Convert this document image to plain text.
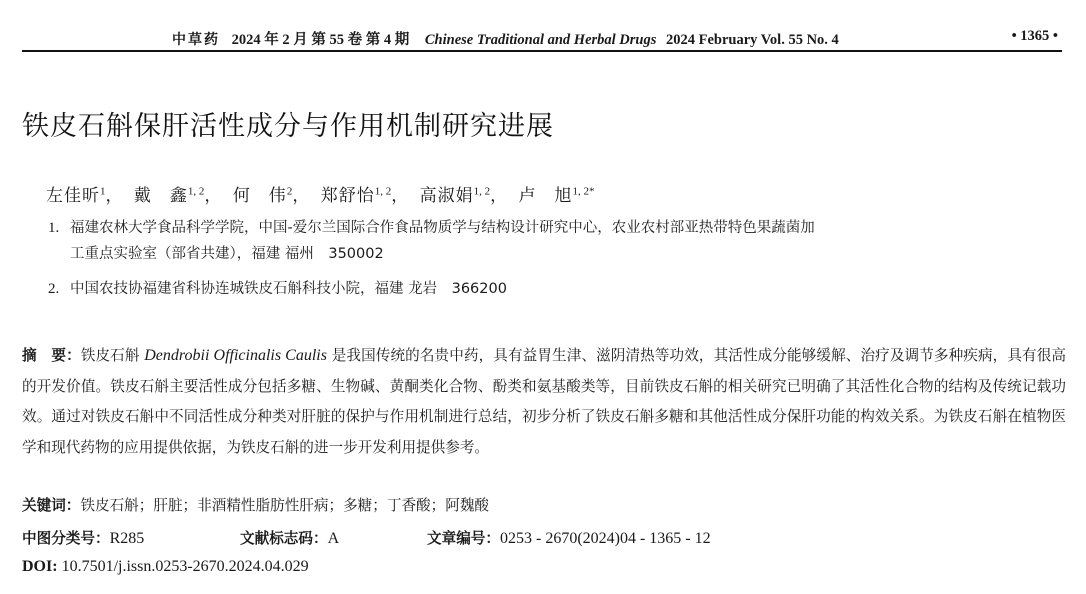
中草药 2024 年 2 月 第 55 卷 第 4 期 Chinese Traditional and Herbal Drugs 2024 February Vol. 55 No. 4	• 1365 •
铁皮石斛保肝活性成分与作用机制研究进展
左佳昕$^1$， 戴　鑫$^{1, 2}$， 何　伟$^2$， 郑舒怡$^{1, 2}$， 高淑娟$^{1, 2}$， 卢　旭$^{1, 2*}$
1. 福建农林大学食品科学学院，中国-爱尔兰国际合作食品物质学与结构设计研究中心，农业农村部亚热带特色果蔬菌加
工重点实验室（部省共建），福建 福州　350002
2. 中国农技协福建省科协连城铁皮石斛科技小院，福建 龙岩　366200
摘　要：铁皮石斛 Dendrobii Officinalis Caulis 是我国传统的名贵中药，具有益胃生津、滋阴清热等功效，其活性成分能够缓解、治疗及调节多种疾病，具有很高的开发价值。铁皮石斛主要活性成分包括多糖、生物碱、黄酮类化合物、酚类和氨基酸类等，目前铁皮石斛的相关研究已明确了其活性化合物的结构及传统记载功效。通过对铁皮石斛中不同活性成分种类对肝脏的保护与作用机制进行总结，初步分析了铁皮石斛多糖和其他活性成分保肝功能的构效关系。为铁皮石斛在植物医学和现代药物的应用提供依据，为铁皮石斛的进一步开发利用提供参考。
关键词：铁皮石斛；肝脏；非酒精性脂肪性肝病；多糖；丁香酸；阿魏酸
中图分类号：R285	文献标志码：A	文章编号：0253 - 2670(2024)04 - 1365 - 12
DOI: 10.7501/j.issn.0253-2670.2024.04.029
